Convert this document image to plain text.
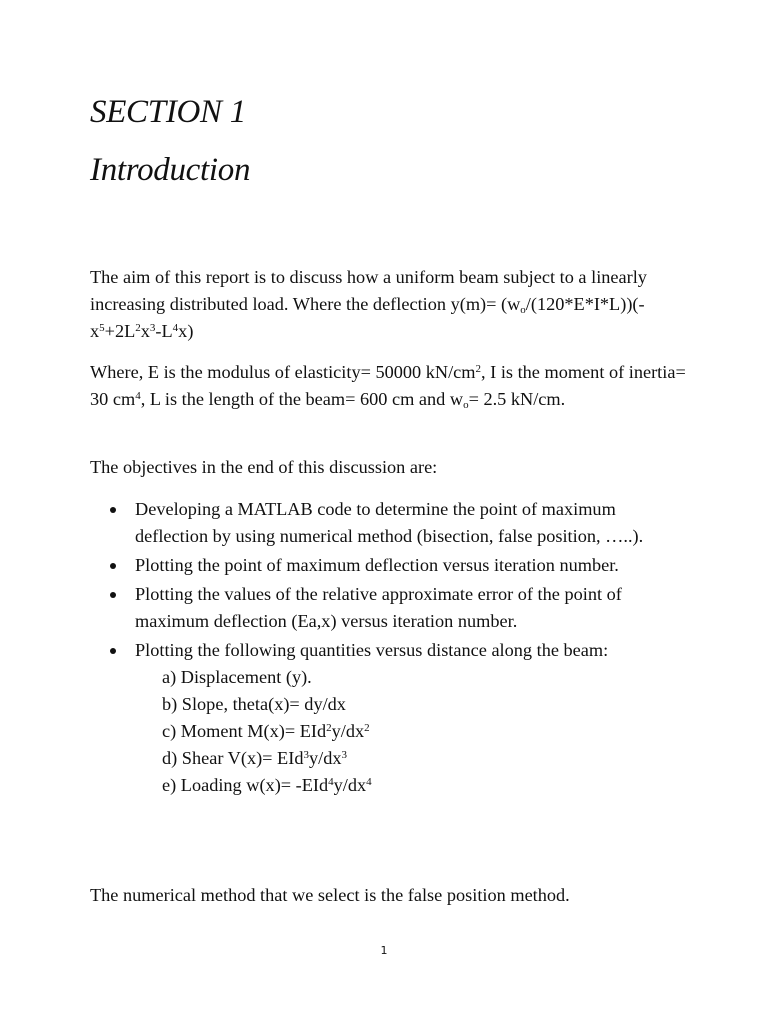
SECTION 1
Introduction

The aim of this report is to discuss how a uniform beam subject to a linearly increasing distributed load. Where the deflection $y(m)= (w_o/(120*E*I*L))(-x^5+2L^2x^3-L^4x)$

Where, E is the modulus of elasticity= 50000 $kN/cm^2$, I is the moment of inertia= 30 $cm^4$, L is the length of the beam= 600 cm and $w_o= 2.5$ kN/cm.

The objectives in the end of this discussion are:

Developing a MATLAB code to determine the point of maximum deflection by using numerical method (bisection, false position, …..).
Plotting the point of maximum deflection versus iteration number.
Plotting the values of the relative approximate error of the point of maximum deflection (Ea,x) versus iteration number.
Plotting the following quantities versus distance along the beam:
a) Displacement (y).
b) Slope, theta(x)= dy/dx
c) Moment $M(x)= EId^2y/dx^2$
d) Shear $V(x)= EId^3y/dx^3$
e) Loading $w(x)= -EId^4y/dx^4$

The numerical method that we select is the false position method.

1
